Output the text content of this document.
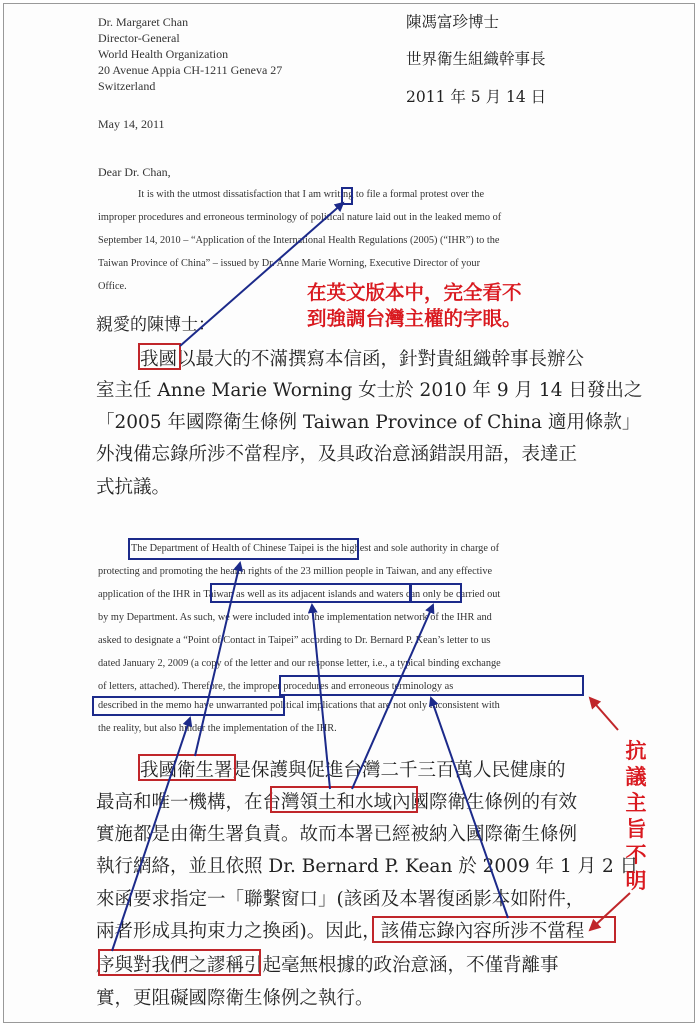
Dr. Margaret Chan
Director-General
World Health Organization
20 Avenue Appia CH-1211 Geneva 27
Switzerland
陳馮富珍博士
世界衛生組織幹事長
2011 年 5 月 14 日
May 14, 2011
Dear Dr. Chan,
It is with the utmost dissatisfaction that I am writing to file a formal protest over the
improper procedures and erroneous terminology of political nature laid out in the leaked memo of
September 14, 2010 – “Application of the International Health Regulations (2005) (“IHR”) to the
Taiwan Province of China” – issued by Dr. Anne Marie Worning, Executive Director of your
Office.
親愛的陳博士：
我國以最大的不滿撰寫本信函，針對貴組織幹事長辦公
室主任 Anne Marie Worning 女士於 2010 年 9 月 14 日發出之
「2005 年國際衛生條例 Taiwan Province of China 適用條款」
外洩備忘錄所涉不當程序，及具政治意涵錯誤用語，表達正
式抗議。
The Department of Health of Chinese Taipei is the highest and sole authority in charge of
protecting and promoting the health rights of the 23 million people in Taiwan, and any effective
application of the IHR in Taiwan as well as its adjacent islands and waters can only be carried out
by my Department. As such, we were included into the implementation network of the IHR and
asked to designate a “Point of Contact in Taipei” according to Dr. Bernard P. Kean’s letter to us
dated January 2, 2009 (a copy of the letter and our response letter, i.e., a typical binding exchange
of letters, attached). Therefore, the improper procedures and erroneous terminology as
described in the memo have unwarranted political implications that are not only inconsistent with
the reality, but also hinder the implementation of the IHR.
我國衛生署是保護與促進台灣二千三百萬人民健康的
最高和唯一機構，在台灣領土和水域內國際衛生條例的有效
實施都是由衛生署負責。故而本署已經被納入國際衛生條例
執行網絡，並且依照 Dr. Bernard P. Kean 於 2009 年 1 月 2 日
來函要求指定一「聯繫窗口」(該函及本署復函影本如附件，
兩者形成具拘束力之換函)。因此，該備忘錄內容所涉不當程
序與對我們之謬稱引起毫無根據的政治意涵，不僅背離事
實，更阻礙國際衛生條例之執行。
在英文版本中，完全看不
到強調台灣主權的字眼。
抗
議
主
旨
不
明
